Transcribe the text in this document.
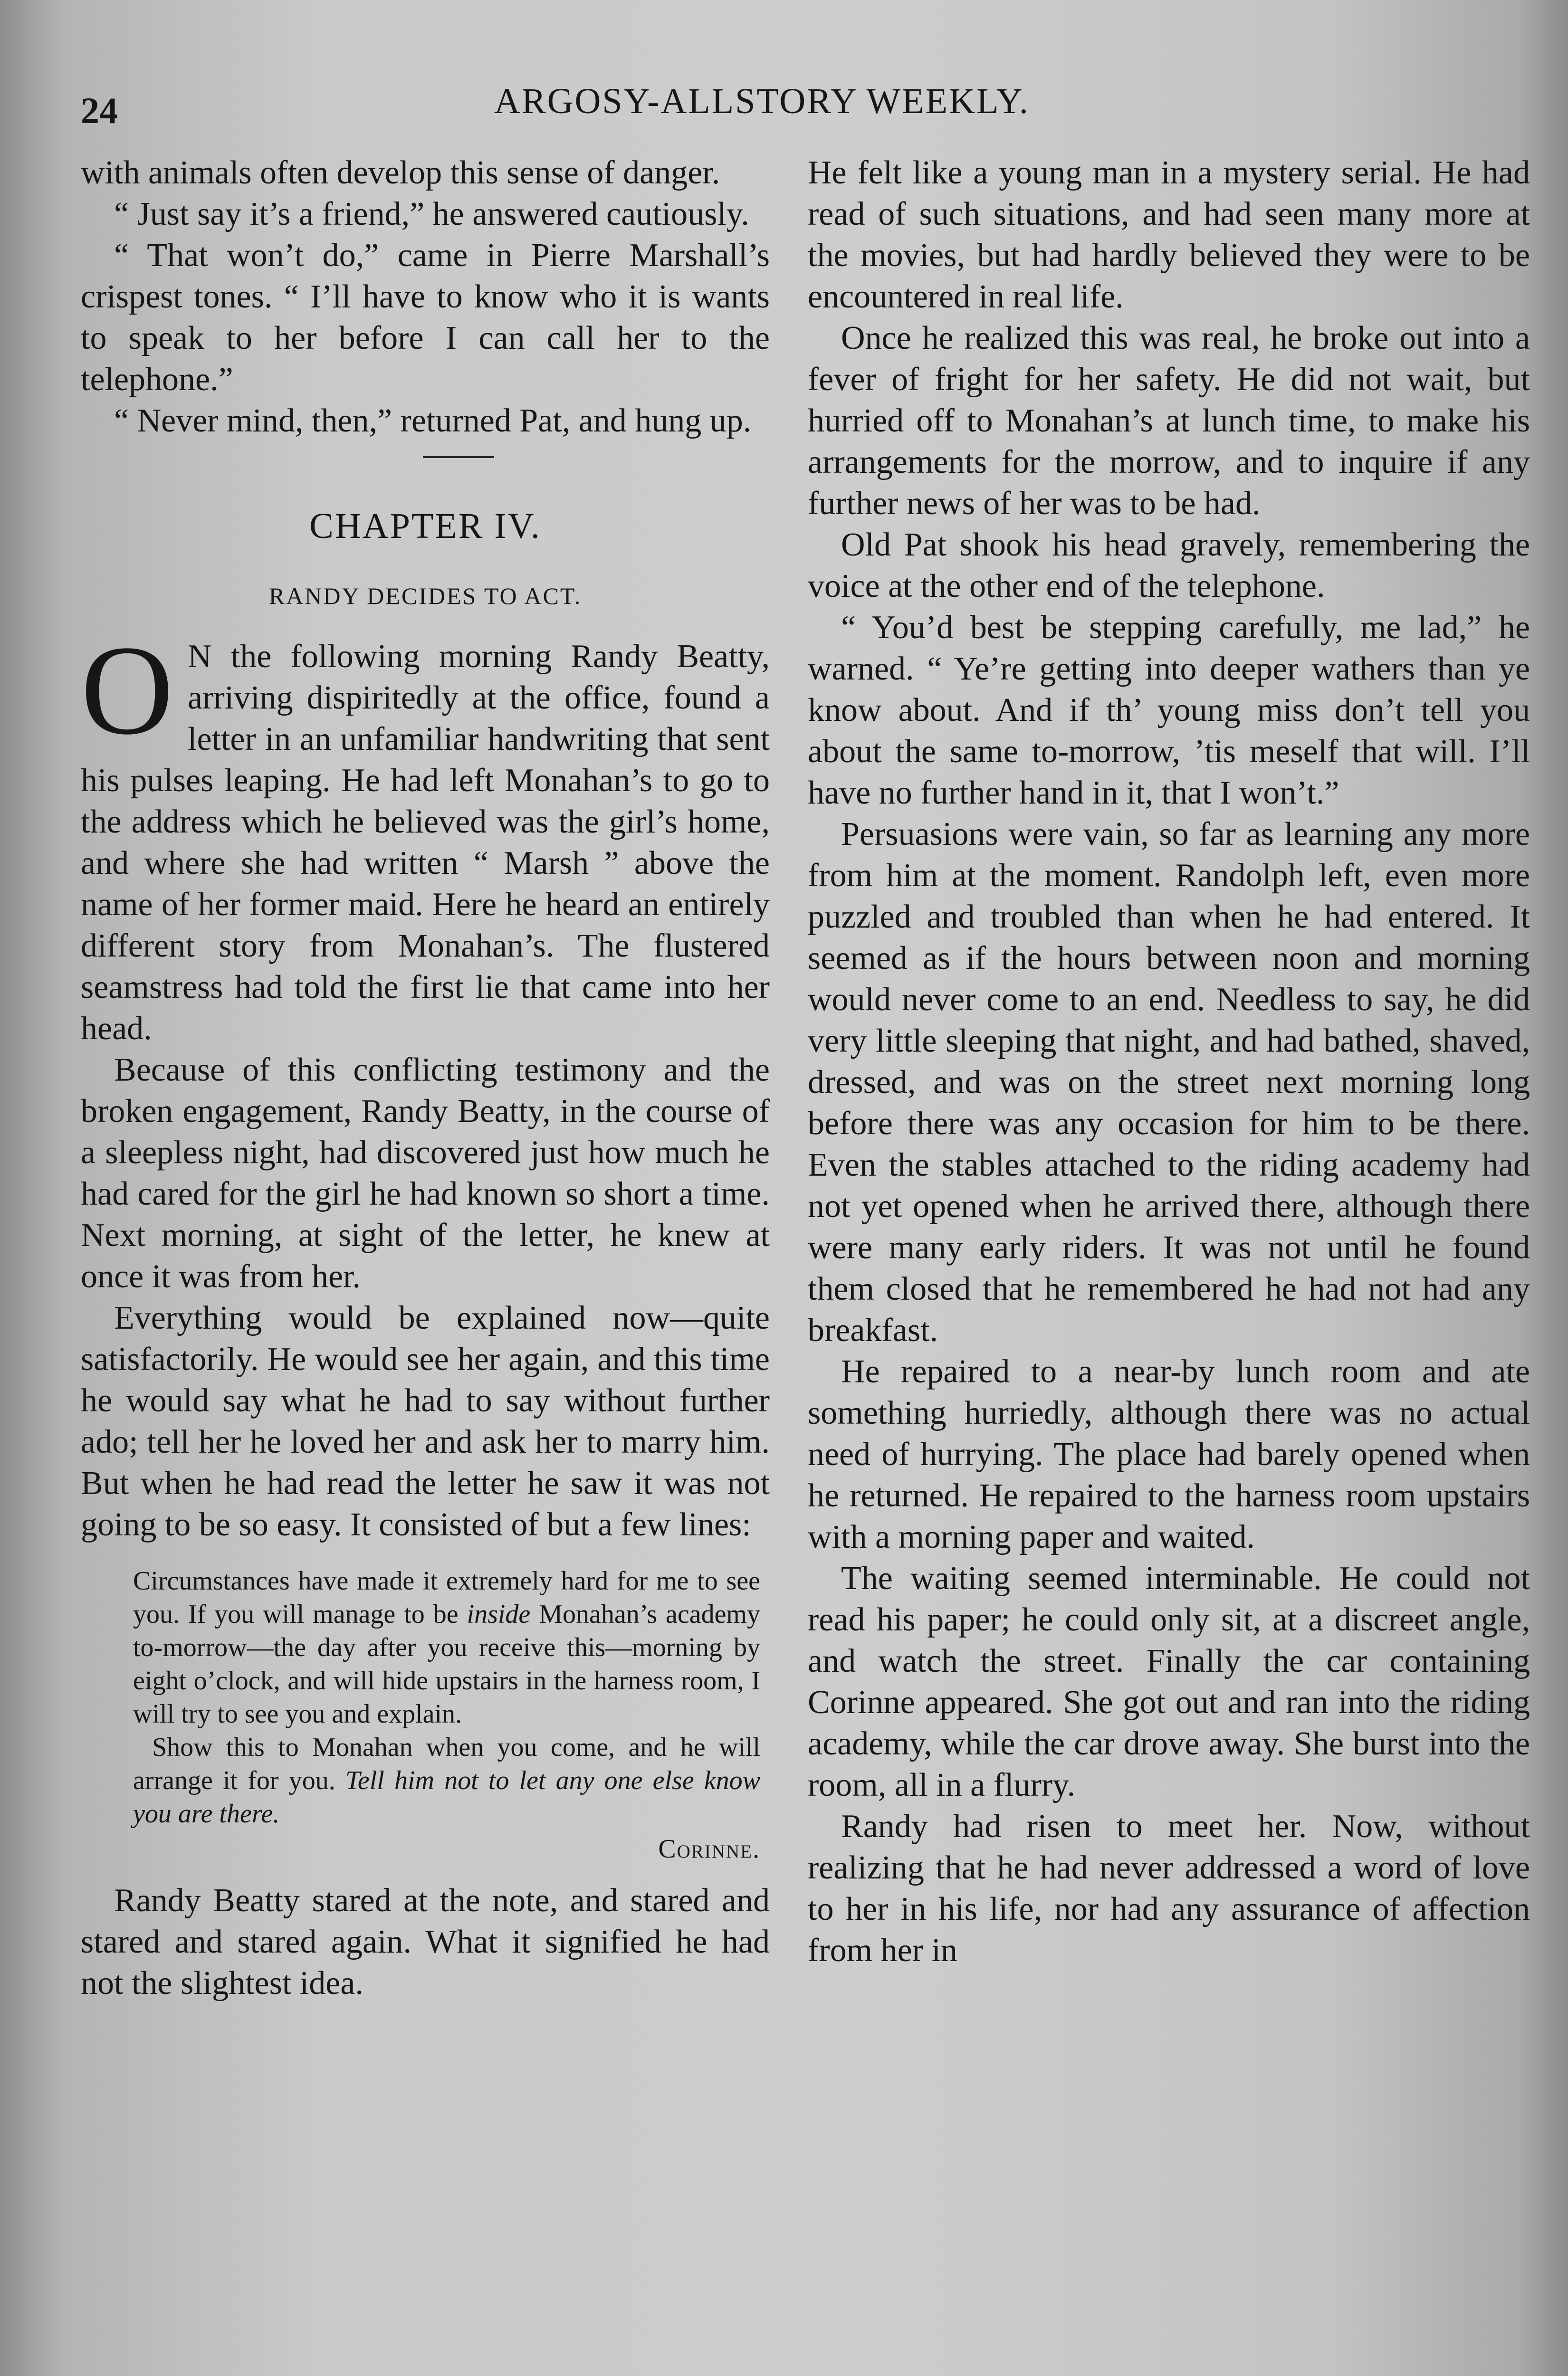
24	ARGOSY-ALLSTORY WEEKLY.

with animals often develop this sense of danger.

“ Just say it’s a friend,” he answered cautiously.

“ That won’t do,” came in Pierre Marshall’s crispest tones. “ I’ll have to know who it is wants to speak to her before I can call her to the telephone.”

“ Never mind, then,” returned Pat, and hung up.

CHAPTER IV.
RANDY DECIDES TO ACT.

O N the following morning Randy Beatty, arriving dispiritedly at the office, found a letter in an unfamiliar handwriting that sent his pulses leaping. He had left Monahan’s to go to the address which he believed was the girl’s home, and where she had written “ Marsh ” above the name of her former maid. Here he heard an entirely different story from Monahan’s. The flustered seamstress had told the first lie that came into her head.

Because of this conflicting testimony and the broken engagement, Randy Beatty, in the course of a sleepless night, had discovered just how much he had cared for the girl he had known so short a time. Next morning, at sight of the letter, he knew at once it was from her.

Everything would be explained now—quite satisfactorily. He would see her again, and this time he would say what he had to say without further ado; tell her he loved her and ask her to marry him. But when he had read the letter he saw it was not going to be so easy. It consisted of but a few lines:

Circumstances have made it extremely hard for me to see you. If you will manage to be inside Monahan’s academy to-morrow—the day after you receive this—morning by eight o’clock, and will hide upstairs in the harness room, I will try to see you and explain.

Show this to Monahan when you come, and he will arrange it for you. Tell him not to let any one else know you are there.

Corinne.

Randy Beatty stared at the note, and stared and stared and stared again. What it signified he had not the slightest idea.

He felt like a young man in a mystery serial. He had read of such situations, and had seen many more at the movies, but had hardly believed they were to be encountered in real life.

Once he realized this was real, he broke out into a fever of fright for her safety. He did not wait, but hurried off to Monahan’s at lunch time, to make his arrangements for the morrow, and to inquire if any further news of her was to be had.

Old Pat shook his head gravely, remembering the voice at the other end of the telephone.

“ You’d best be stepping carefully, me lad,” he warned. “ Ye’re getting into deeper wathers than ye know about. And if th’ young miss don’t tell you about the same to-morrow, ’tis meself that will. I’ll have no further hand in it, that I won’t.”

Persuasions were vain, so far as learning any more from him at the moment. Randolph left, even more puzzled and troubled than when he had entered. It seemed as if the hours between noon and morning would never come to an end. Needless to say, he did very little sleeping that night, and had bathed, shaved, dressed, and was on the street next morning long before there was any occasion for him to be there. Even the stables attached to the riding academy had not yet opened when he arrived there, although there were many early riders. It was not until he found them closed that he remembered he had not had any breakfast.

He repaired to a near-by lunch room and ate something hurriedly, although there was no actual need of hurrying. The place had barely opened when he returned. He repaired to the harness room upstairs with a morning paper and waited.

The waiting seemed interminable. He could not read his paper; he could only sit, at a discreet angle, and watch the street. Finally the car containing Corinne appeared. She got out and ran into the riding academy, while the car drove away. She burst into the room, all in a flurry.

Randy had risen to meet her. Now, without realizing that he had never addressed a word of love to her in his life, nor had any assurance of affection from her in
